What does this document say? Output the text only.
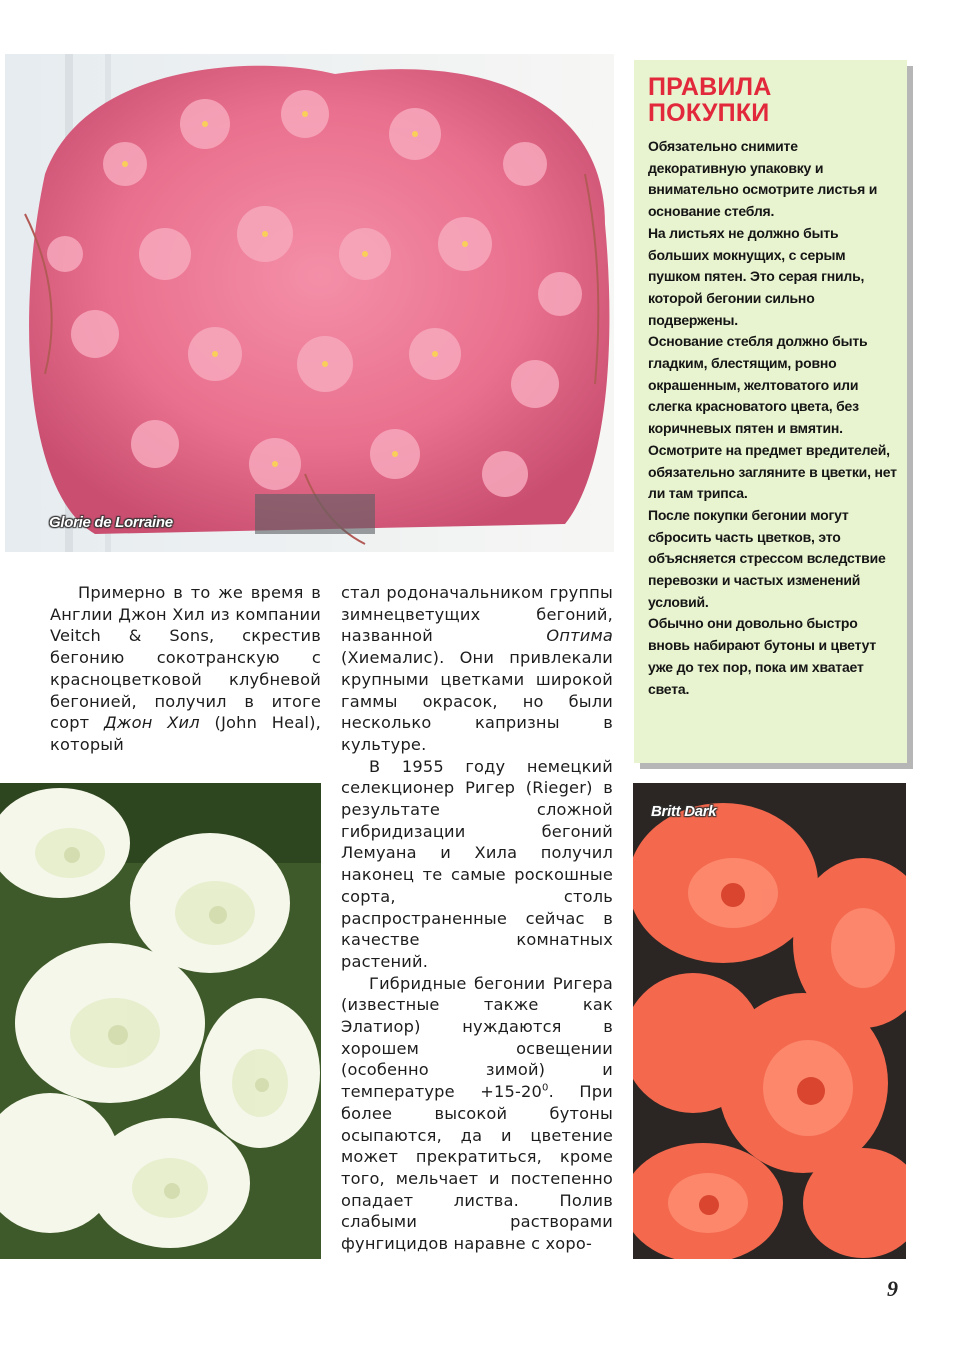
Glorie de Lorraine
ПРАВИЛА
ПОКУПКИ

Обязательно снимите декоративную упаковку и внимательно осмотрите листья и основание стебля.

На листьях не должно быть больших мокнущих, с серым пушком пятен. Это серая гниль, которой бегонии сильно подвержены.

Основание стебля должно быть гладким, блестящим, ровно окрашенным, желтоватого или слегка красноватого цвета, без коричневых пятен и вмятин.

Осмотрите на предмет вредителей, обязательно загляните в цветки, нет ли там трипса.

После покупки бегонии могут сбросить часть цветков, это объясняется стрессом вследствие перевозки и частых изменений условий.

Обычно они довольно быстро вновь набирают бутоны и цветут уже до тех пор, пока им хватает света.

Примерно в то же время в Англии Джон Хил из компании Veitch & Sons, скрестив бегонию сокотранскую с красноцветковой клубневой бегонией, получил в итоге сорт Джон Хил (John Heal), который

стал родоначальником группы зимнецветущих бегоний, названной Оптима (Хиемалис). Они привлекали крупными цветками широкой гаммы окрасок, но были несколько капризны в культуре.

В 1955 году немецкий селекционер Ригер (Rieger) в результате сложной гибридизации бегоний Лемуана и Хила получил наконец те самые роскошные сорта, столь распространенные сейчас в качестве комнатных растений.

Гибридные бегонии Ригера (известные также как Элатиор) нуждаются в хорошем освещении (особенно зимой) и температуре $+15-20^0$. При более высокой бутоны осыпаются, да и цветение может прекратиться, кроме того, мельчает и постепенно опадает листва. Полив слабыми растворами фунгицидов наравне с хоро-

Britt Dark
9
